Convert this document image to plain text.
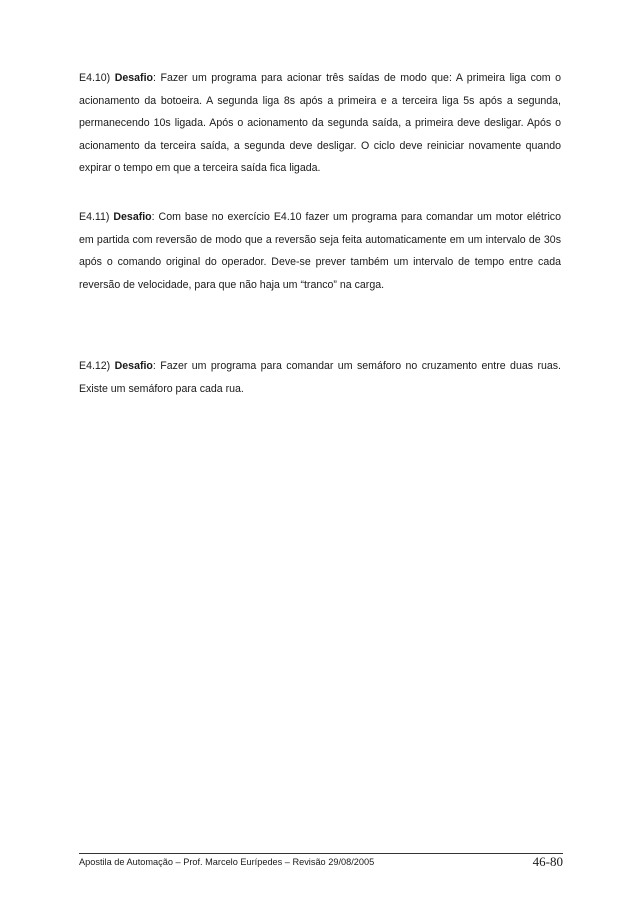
E4.10) Desafio: Fazer um programa para acionar três saídas de modo que: A primeira liga com o acionamento da botoeira. A segunda liga 8s após a primeira e a terceira liga 5s após a segunda, permanecendo 10s ligada. Após o acionamento da segunda saída, a primeira deve desligar. Após o acionamento da terceira saída, a segunda deve desligar. O ciclo deve reiniciar novamente quando expirar o tempo em que a terceira saída fica ligada.

E4.11) Desafio: Com base no exercício E4.10 fazer um programa para comandar um motor elétrico em partida com reversão de modo que a reversão seja feita automaticamente em um intervalo de 30s após o comando original do operador. Deve-se prever também um intervalo de tempo entre cada reversão de velocidade, para que não haja um “tranco” na carga.

E4.12) Desafio: Fazer um programa para comandar um semáforo no cruzamento entre duas ruas. Existe um semáforo para cada rua.

Apostila de Automação – Prof. Marcelo Eurípedes – Revisão 29/08/2005	46-80
